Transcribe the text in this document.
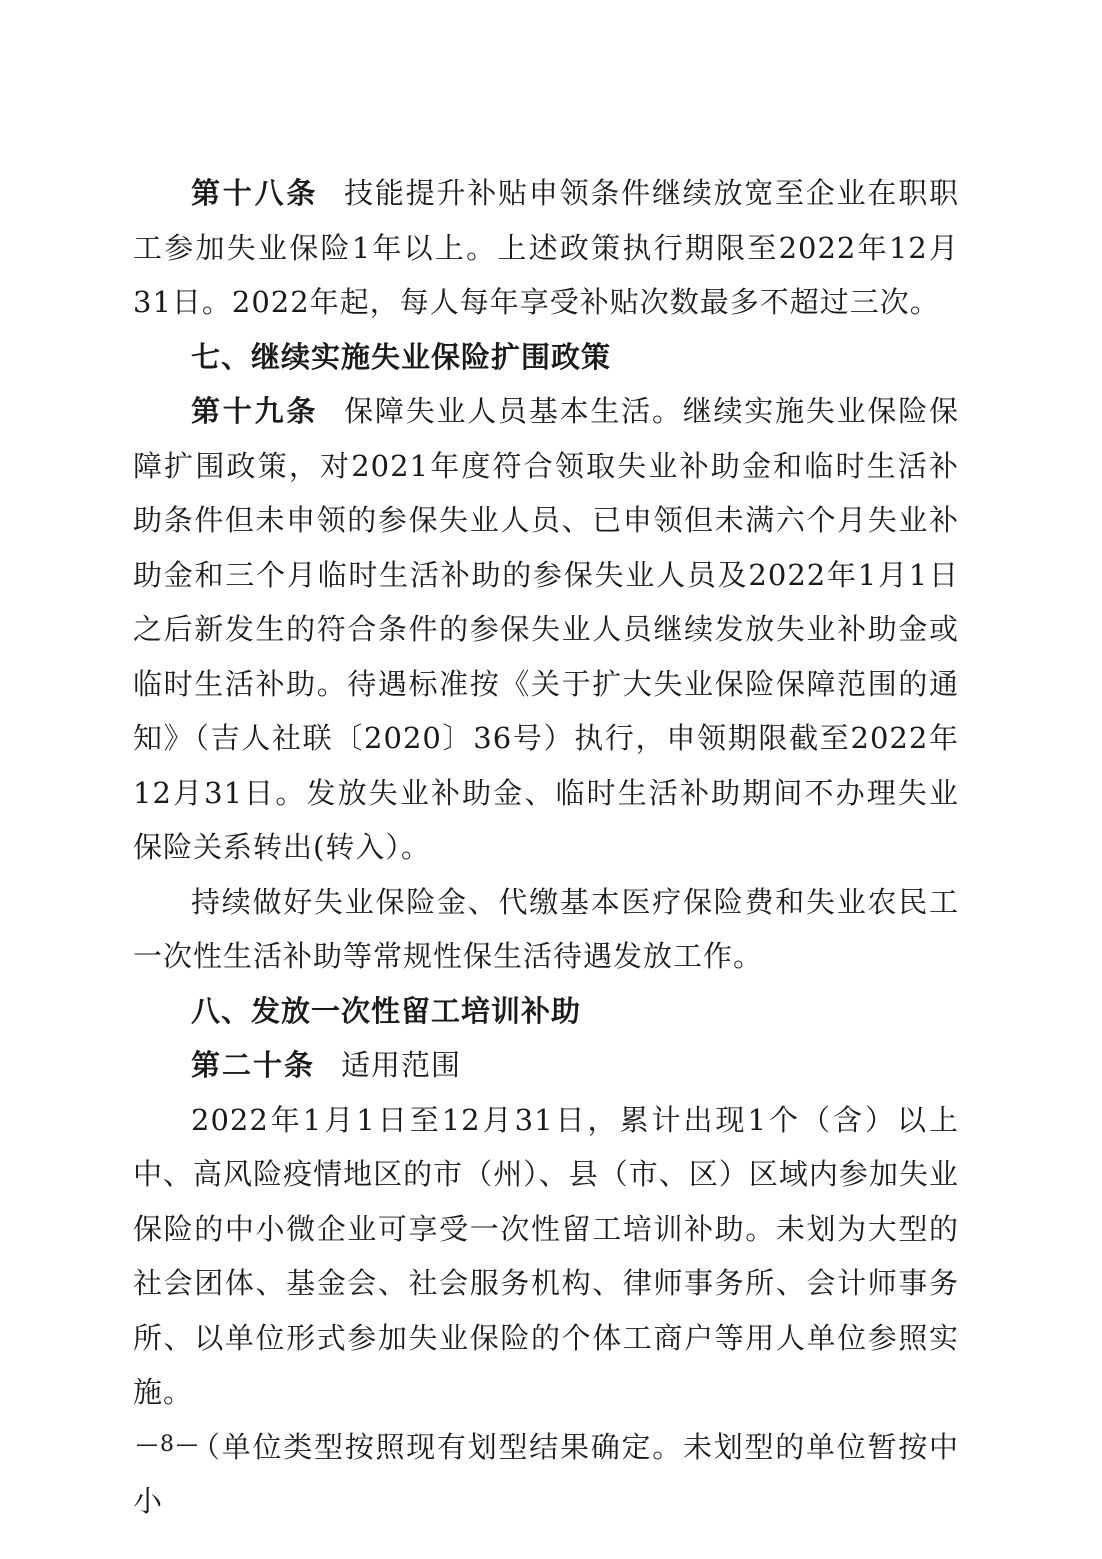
第十八条 技能提升补贴申领条件继续放宽至企业在职职工参加失业保险1年以上。上述政策执行期限至2022年12月31日。2022年起，每人每年享受补贴次数最多不超过三次。

七、继续实施失业保险扩围政策

第十九条 保障失业人员基本生活。继续实施失业保险保障扩围政策，对2021年度符合领取失业补助金和临时生活补助条件但未申领的参保失业人员、已申领但未满六个月失业补助金和三个月临时生活补助的参保失业人员及2022年1月1日之后新发生的符合条件的参保失业人员继续发放失业补助金或临时生活补助。待遇标准按《关于扩大失业保险保障范围的通知》（吉人社联〔2020〕36号）执行，申领期限截至2022年12月31日。发放失业补助金、临时生活补助期间不办理失业保险关系转出(转入）。

持续做好失业保险金、代缴基本医疗保险费和失业农民工一次性生活补助等常规性保生活待遇发放工作。

八、发放一次性留工培训补助

第二十条 适用范围

2022年1月1日至12月31日，累计出现1个（含）以上中、高风险疫情地区的市（州）、县（市、区）区域内参加失业保险的中小微企业可享受一次性留工培训补助。未划为大型的社会团体、基金会、社会服务机构、律师事务所、会计师事务所、以单位形式参加失业保险的个体工商户等用人单位参照实施。

（单位类型按照现有划型结果确定。未划型的单位暂按中小

—8—
